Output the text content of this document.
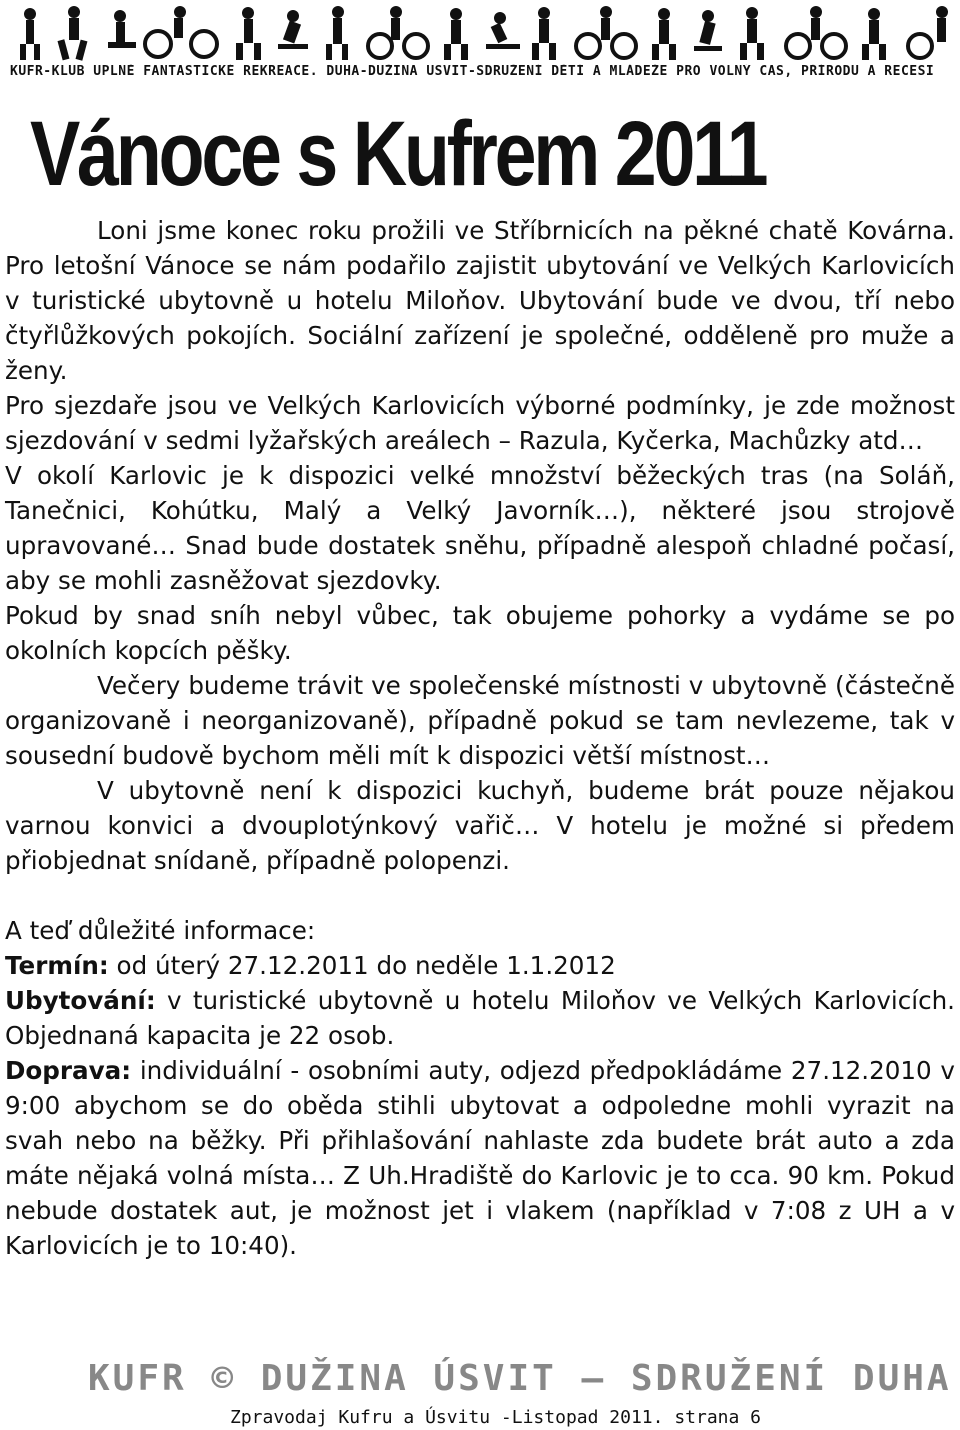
KUFR-KLUB ÚPLNĚ FANTASTICKÉ REKREACE. DUHA-DUŽINA ÚSVIT-SDRUŽENÍ DĚTÍ A MLÁDEŽE PRO VOLNÝ ČAS, PŘÍRODU A RECESI
Vánoce s Kufrem 2011

Loni jsme konec roku prožili ve Stříbrnicích na pěkné chatě Kovárna. Pro letošní Vánoce se nám podařilo zajistit ubytování ve Velkých Karlovicích v turistické ubytovně u hotelu Miloňov. Ubytování bude ve dvou, tří nebo čtyřlůžkových pokojích. Sociální zařízení je společné, odděleně pro muže a ženy.

Pro sjezdaře jsou ve Velkých Karlovicích výborné podmínky, je zde možnost sjezdování v sedmi lyžařských areálech – Razula, Kyčerka, Machůzky atd…

V okolí Karlovic je k dispozici velké množství běžeckých tras (na Soláň, Tanečnici, Kohútku, Malý a Velký Javorník…), některé jsou strojově upravované… Snad bude dostatek sněhu, případně alespoň chladné počasí, aby se mohli zasněžovat sjezdovky.

Pokud by snad sníh nebyl vůbec, tak obujeme pohorky a vydáme se po okolních kopcích pěšky.

Večery budeme trávit ve společenské místnosti v ubytovně (částečně organizovaně i neorganizovaně), případně pokud se tam nevlezeme, tak v sousední budově bychom měli mít k dispozici větší místnost…

V ubytovně není k dispozici kuchyň, budeme brát pouze nějakou varnou konvici a dvouplotýnkový vařič… V hotelu je možné si předem přiobjednat snídaně, případně polopenzi.

A teď důležité informace:

Termín: od úterý 27.12.2011 do neděle 1.1.2012

Ubytování: v turistické ubytovně u hotelu Miloňov ve Velkých Karlovicích. Objednaná kapacita je 22 osob.

Doprava: individuální - osobními auty, odjezd předpokládáme 27.12.2010 v 9:00 abychom se do oběda stihli ubytovat a odpoledne mohli vyrazit na svah nebo na běžky. Při přihlašování nahlaste zda budete brát auto a zda máte nějaká volná místa… Z Uh.Hradiště do Karlovic je to cca. 90 km. Pokud nebude dostatek aut, je možnost jet i vlakem (například v 7:08 z UH a v Karlovicích je to 10:40).

KUFR © DUŽINA ÚSVIT – SDRUŽENÍ DUHA
Zpravodaj Kufru a Úsvitu -Listopad 2011. strana 6
